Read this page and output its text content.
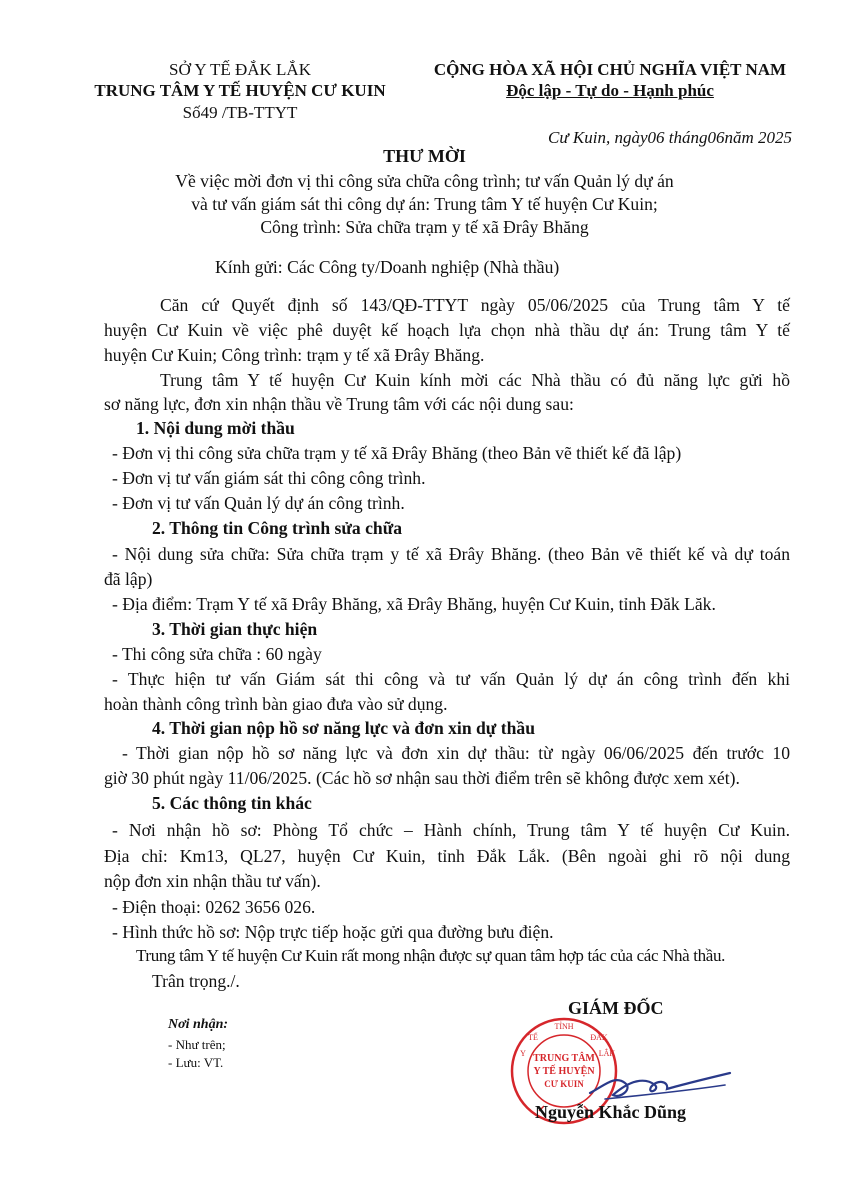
SỞ Y TẾ ĐẮK LẮK
TRUNG TÂM Y TẾ HUYỆN CƯ KUIN
Số49 /TB-TTYT
CỘNG HÒA XÃ HỘI CHỦ NGHĨA VIỆT NAM
Độc lập - Tự do - Hạnh phúc
Cư Kuin, ngày06 tháng06năm 2025
THƯ MỜI
Về việc mời đơn vị thi công sửa chữa công trình; tư vấn Quản lý dự án
và tư vấn giám sát thi công dự án: Trung tâm Y tế huyện Cư Kuin;
Công trình: Sửa chữa trạm y tế xã Đrây Bhăng
Kính gửi: Các Công ty/Doanh nghiệp (Nhà thầu)
Căn cứ Quyết định số 143/QĐ-TTYT ngày 05/06/2025 của Trung tâm Y tế
huyện Cư Kuin về việc phê duyệt kế hoạch lựa chọn nhà thầu dự án: Trung tâm Y tế
huyện Cư Kuin; Công trình: trạm y tế xã Đrây Bhăng.
Trung tâm Y tế huyện Cư Kuin kính mời các Nhà thầu có đủ năng lực gửi hồ
sơ năng lực, đơn xin nhận thầu về Trung tâm với các nội dung sau:
1. Nội dung mời thầu
- Đơn vị thi công sửa chữa trạm y tế xã Đrây Bhăng (theo Bản vẽ thiết kế đã lập)
- Đơn vị tư vấn giám sát thi công công trình.
- Đơn vị tư vấn Quản lý dự án công trình.
2. Thông tin Công trình sửa chữa
- Nội dung sửa chữa: Sửa chữa trạm y tế xã Đrây Bhăng. (theo Bản vẽ thiết kế và dự toán
đã lập)
- Địa điểm: Trạm Y tế xã Đrây Bhăng, xã Đrây Bhăng, huyện Cư Kuin, tỉnh Đăk Lăk.
3. Thời gian thực hiện
- Thi công sửa chữa : 60 ngày
- Thực hiện tư vấn Giám sát thi công và tư vấn Quản lý dự án công trình đến khi
hoàn thành công trình bàn giao đưa vào sử dụng.
4. Thời gian nộp hồ sơ năng lực và đơn xin dự thầu
- Thời gian nộp hồ sơ năng lực và đơn xin dự thầu: từ ngày 06/06/2025 đến trước 10
giờ 30 phút ngày 11/06/2025. (Các hồ sơ nhận sau thời điểm trên sẽ không được xem xét).
5. Các thông tin khác
- Nơi nhận hồ sơ: Phòng Tổ chức – Hành chính, Trung tâm Y tế huyện Cư Kuin.
Địa chỉ: Km13, QL27, huyện Cư Kuin, tỉnh Đắk Lắk. (Bên ngoài ghi rõ nội dung
nộp đơn xin nhận thầu tư vấn).
- Điện thoại: 0262 3656 026.
- Hình thức hồ sơ: Nộp trực tiếp hoặc gửi qua đường bưu điện.
Trung tâm Y tế huyện Cư Kuin rất mong nhận được sự quan tâm hợp tác của các Nhà thầu.
Trân trọng./.
Nơi nhận:
- Như trên;
- Lưu: VT.
GIÁM ĐỐC
TỈNH
Y
TẾ	ĐẮK
LẮK
TRUNG TÂM
Y TẾ HUYỆN
CƯ KUIN
Nguyễn Khắc Dũng
